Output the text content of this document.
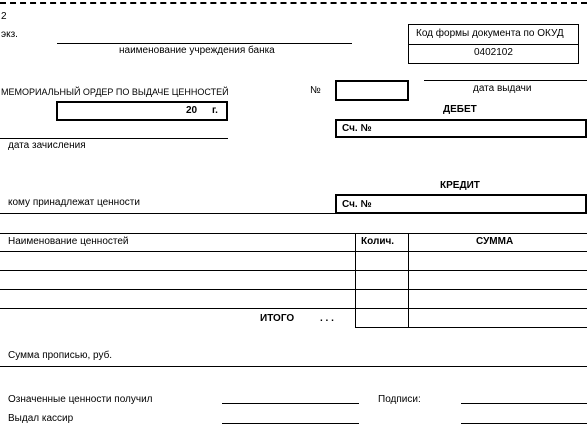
2
экз.
наименование учреждения банка
Код формы документа по ОКУД
0402102
МЕМОРИАЛЬНЫЙ ОРДЕР ПО ВЫДАЧЕ ЦЕННОСТЕЙ	№	дата выдачи
20 г.	ДЕБЕТ
Сч. №
дата зачисления
КРЕДИТ
кому принадлежат ценности	Сч. №
Наименование ценностей	Колич.	СУММА
ИТОГО	. . .
Сумма прописью, руб.
Означенные ценности получил	Подписи:
Выдал кассир
